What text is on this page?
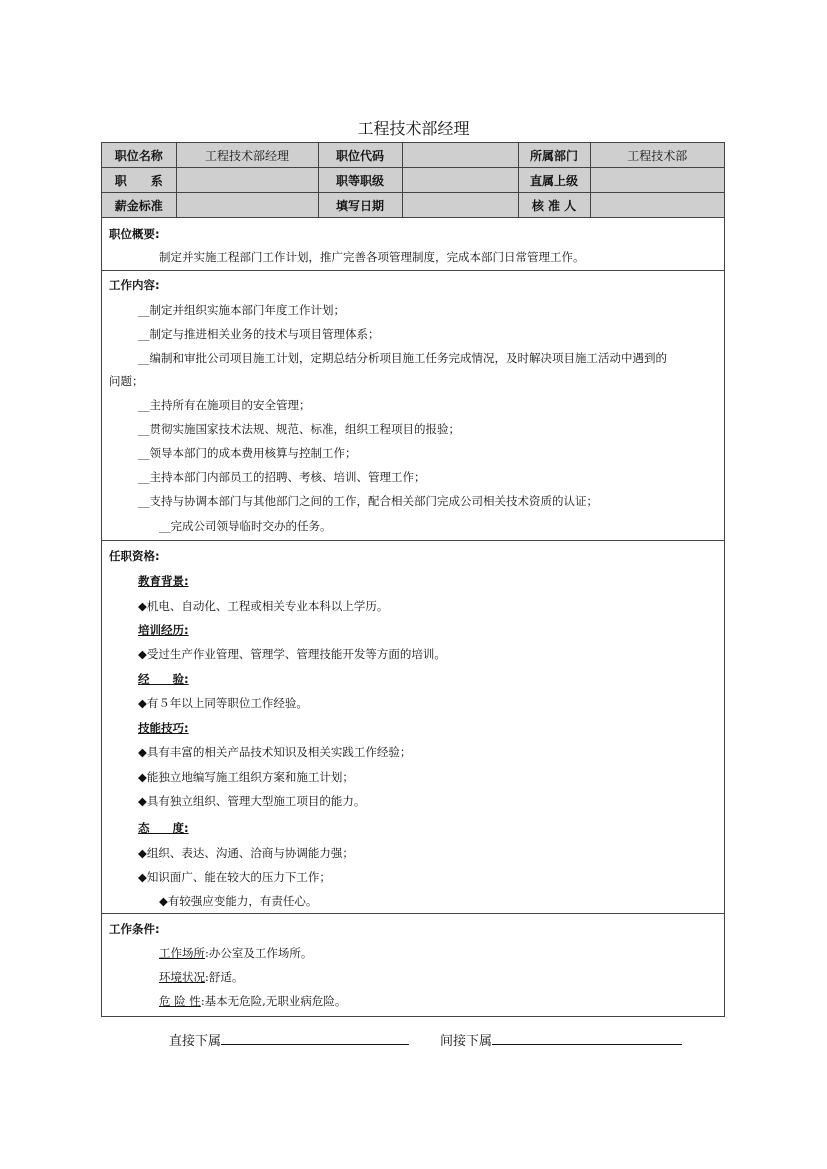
工程技术部经理
职位名称	工程技术部经理	职位代码		所属部门	工程技术部
职　　系		职等职级		直属上级	
薪金标准		填写日期		核 准 人	
职位概要:
制定并实施工程部门工作计划，推广完善各项管理制度，完成本部门日常管理工作。
工作内容:
__制定并组织实施本部门年度工作计划；
__制定与推进相关业务的技术与项目管理体系；
__编制和审批公司项目施工计划，定期总结分析项目施工任务完成情况，及时解决项目施工活动中遇到的
问题；
__主持所有在施项目的安全管理；
__贯彻实施国家技术法规、规范、标准，组织工程项目的报验；
__领导本部门的成本费用核算与控制工作；
__主持本部门内部员工的招聘、考核、培训、管理工作；
__支持与协调本部门与其他部门之间的工作，配合相关部门完成公司相关技术资质的认证；
__完成公司领导临时交办的任务。
任职资格:
教育背景:
◆机电、自动化、工程或相关专业本科以上学历。
培训经历:
◆受过生产作业管理、管理学、管理技能开发等方面的培训。
经　　验:
◆有５年以上同等职位工作经验。
技能技巧:
◆具有丰富的相关产品技术知识及相关实践工作经验；
◆能独立地编写施工组织方案和施工计划；
◆具有独立组织、管理大型施工项目的能力。
态　　度:
◆组织、表达、沟通、洽商与协调能力强；
◆知识面广、能在较大的压力下工作；
◆有较强应变能力，有责任心。
工作条件:
工作场所:办公室及工作场所。
环境状况:舒适。
危 险 性:基本无危险,无职业病危险。
直接下属	间接下属
